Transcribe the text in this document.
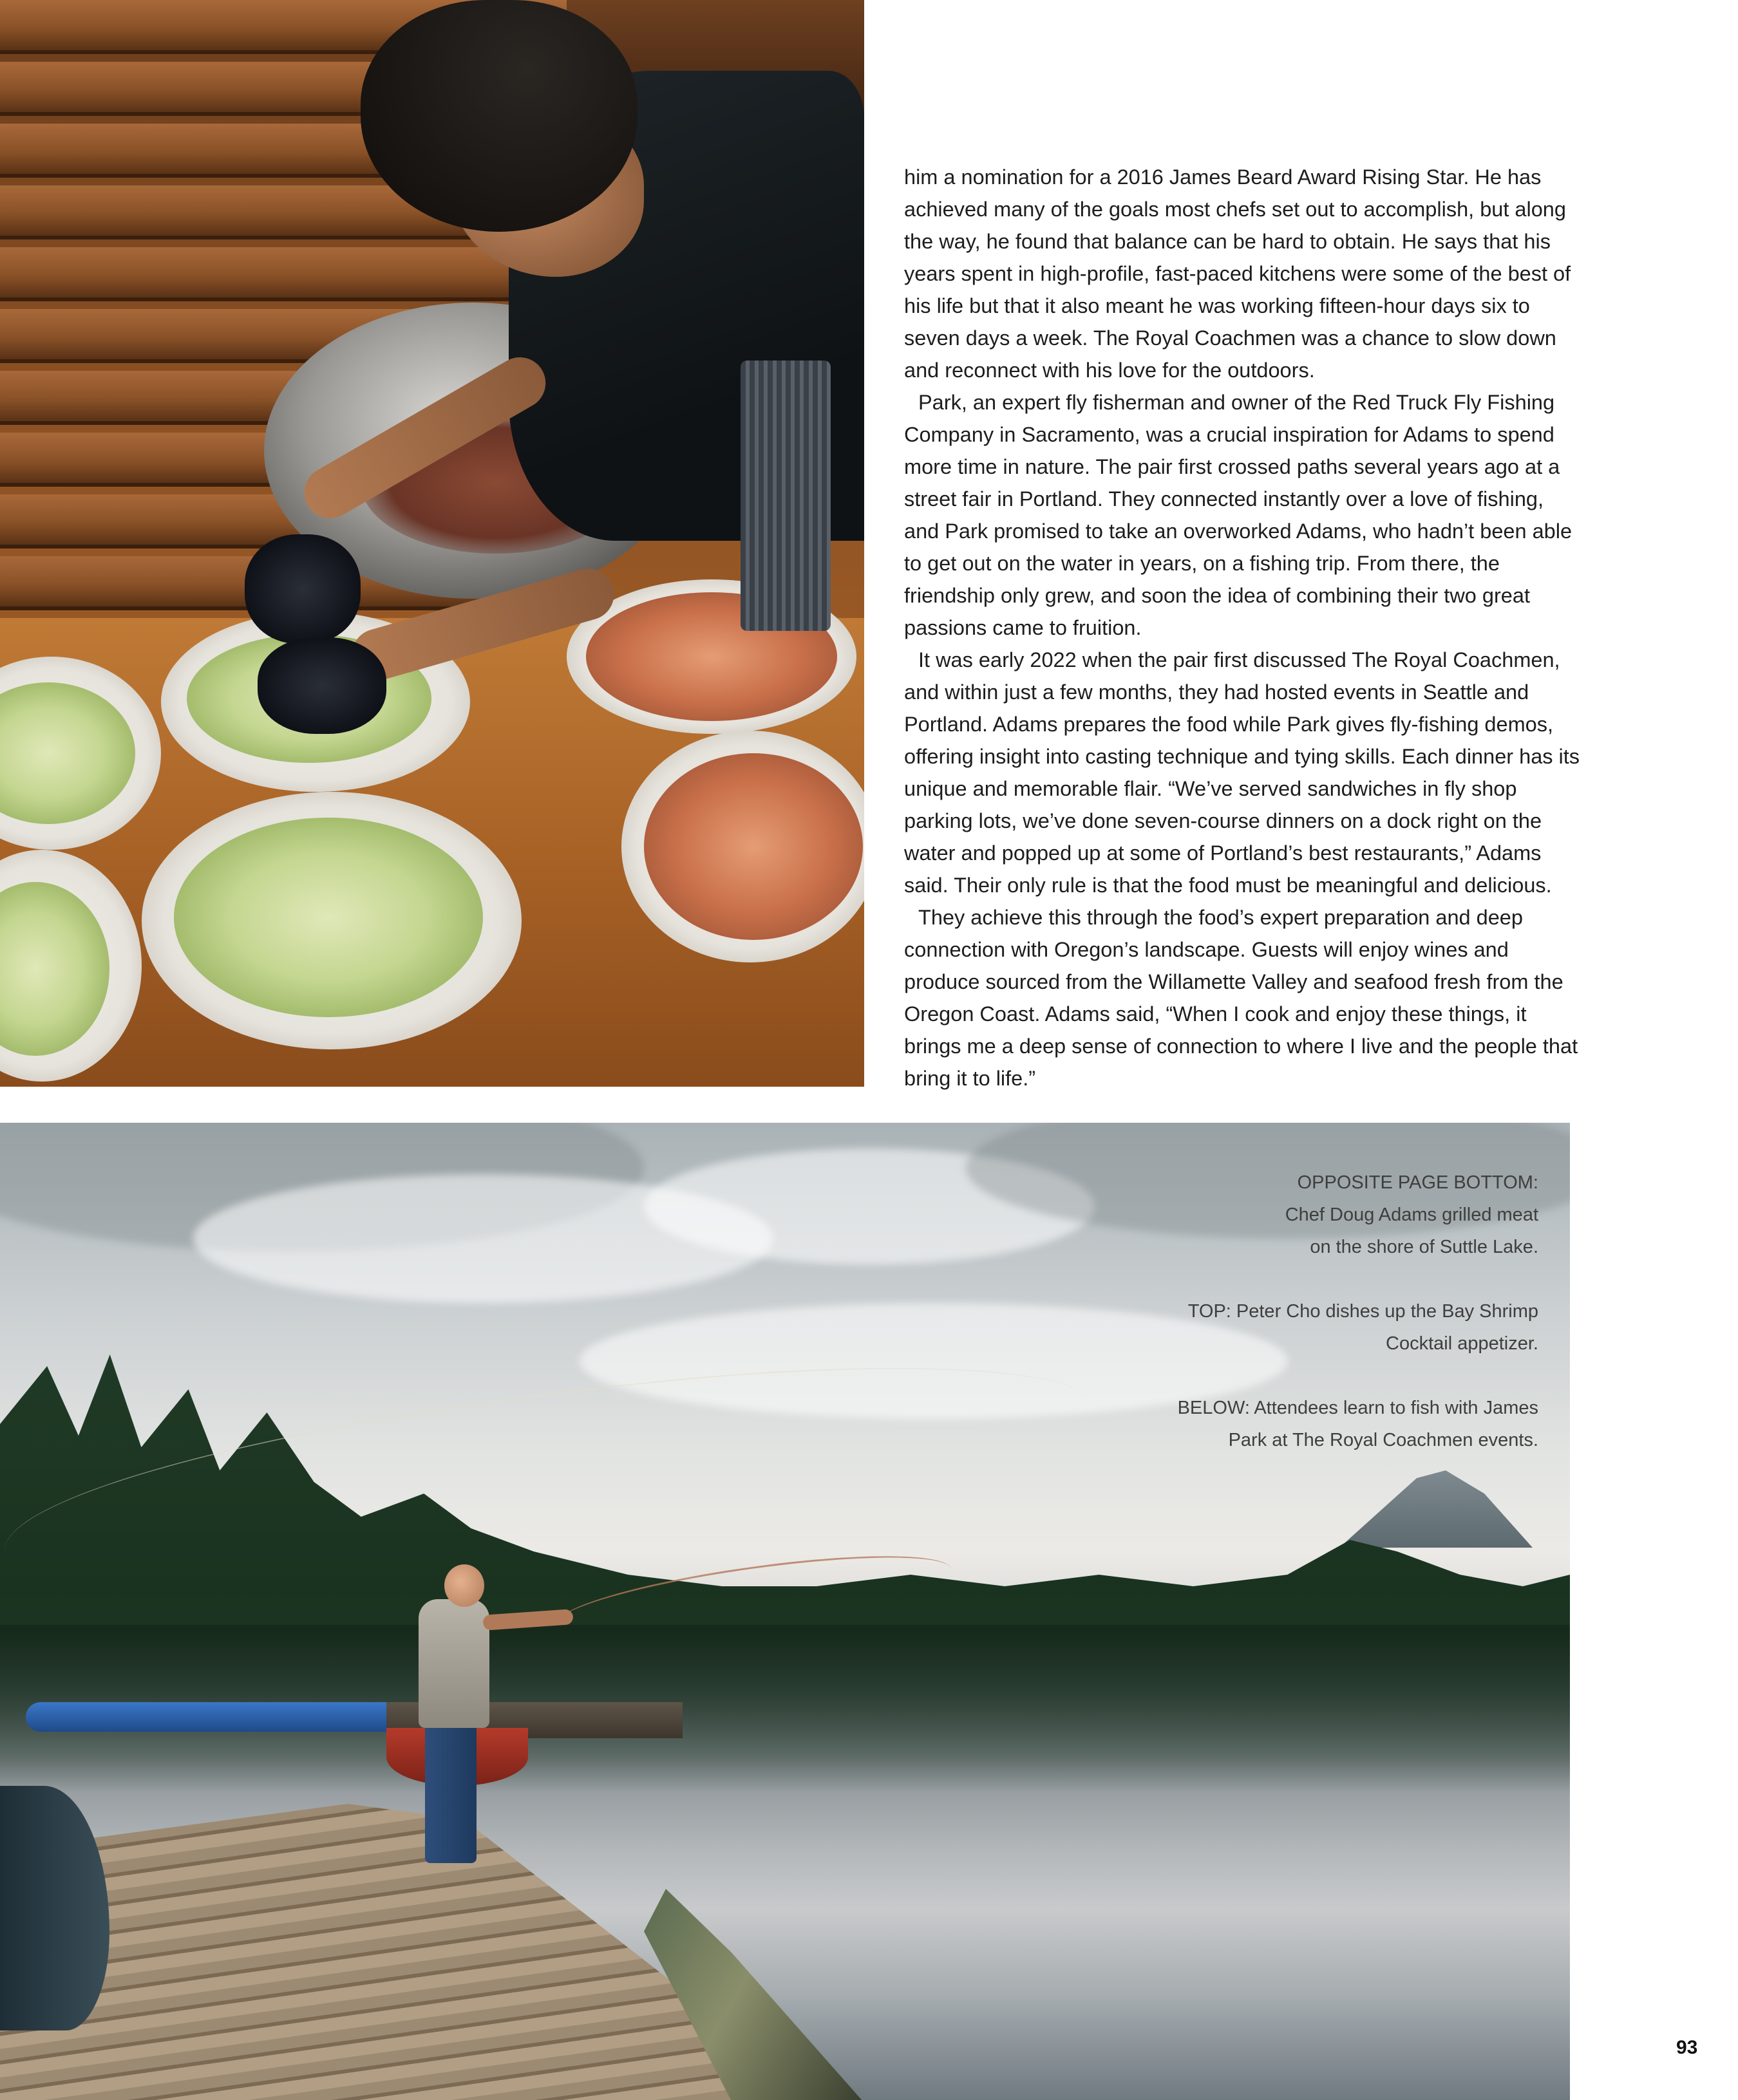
him a nomination for a 2016 James Beard Award Rising Star. He has achieved many of the goals most chefs set out to accomplish, but along the way, he found that balance can be hard to obtain. He says that his years spent in high-profile, fast-paced kitchens were some of the best of his life but that it also meant he was working fifteen-hour days six to seven days a week. The Royal Coachmen was a chance to slow down and reconnect with his love for the outdoors.

Park, an expert fly fisherman and owner of the Red Truck Fly Fishing Company in Sacramento, was a crucial inspiration for Adams to spend more time in nature. The pair first crossed paths several years ago at a street fair in Portland. They connected instantly over a love of fishing, and Park promised to take an overworked Adams, who hadn’t been able to get out on the water in years, on a fishing trip. From there, the friendship only grew, and soon the idea of combining their two great passions came to fruition.

It was early 2022 when the pair first discussed The Royal Coachmen, and within just a few months, they had hosted events in Seattle and Portland. Adams prepares the food while Park gives fly-fishing demos, offering insight into casting technique and tying skills. Each dinner has its unique and memorable flair. “We’ve served sandwiches in fly shop parking lots, we’ve done seven-course dinners on a dock right on the water and popped up at some of Portland’s best restaurants,” Adams said. Their only rule is that the food must be meaningful and delicious.

They achieve this through the food’s expert preparation and deep connection with Oregon’s landscape. Guests will enjoy wines and produce sourced from the Willamette Valley and seafood fresh from the Oregon Coast. Adams said, “When I cook and enjoy these things, it brings me a deep sense of connection to where I live and the people that bring it to life.”

OPPOSITE PAGE BOTTOM:
Chef Doug Adams grilled meat
on the shore of Suttle Lake.
TOP: Peter Cho dishes up the Bay Shrimp
Cocktail appetizer.
BELOW: Attendees learn to fish with James
Park at The Royal Coachmen events.
93
